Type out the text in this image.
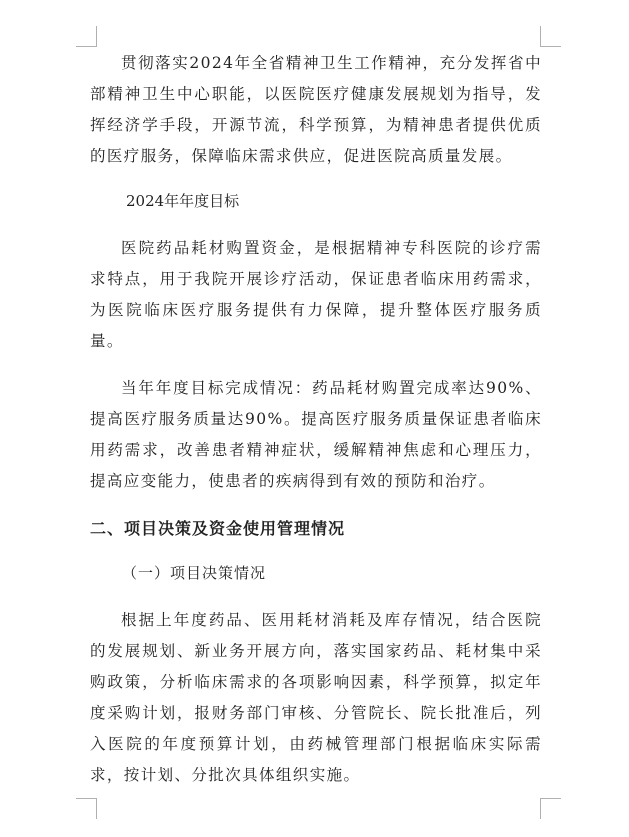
贯彻落实2024年全省精神卫生工作精神，充分发挥省中部精神卫生中心职能，以医院医疗健康发展规划为指导，发挥经济学手段，开源节流，科学预算，为精神患者提供优质的医疗服务，保障临床需求供应，促进医院高质量发展。

2024年年度目标

医院药品耗材购置资金，是根据精神专科医院的诊疗需求特点，用于我院开展诊疗活动，保证患者临床用药需求，为医院临床医疗服务提供有力保障，提升整体医疗服务质量。

当年年度目标完成情况：药品耗材购置完成率达90%、提高医疗服务质量达90%。提高医疗服务质量保证患者临床用药需求，改善患者精神症状，缓解精神焦虑和心理压力，提高应变能力，使患者的疾病得到有效的预防和治疗。

二、项目决策及资金使用管理情况
（一）项目决策情况

根据上年度药品、医用耗材消耗及库存情况，结合医院的发展规划、新业务开展方向，落实国家药品、耗材集中采购政策，分析临床需求的各项影响因素，科学预算，拟定年度采购计划，报财务部门审核、分管院长、院长批准后，列入医院的年度预算计划，由药械管理部门根据临床实际需求，按计划、分批次具体组织实施。
